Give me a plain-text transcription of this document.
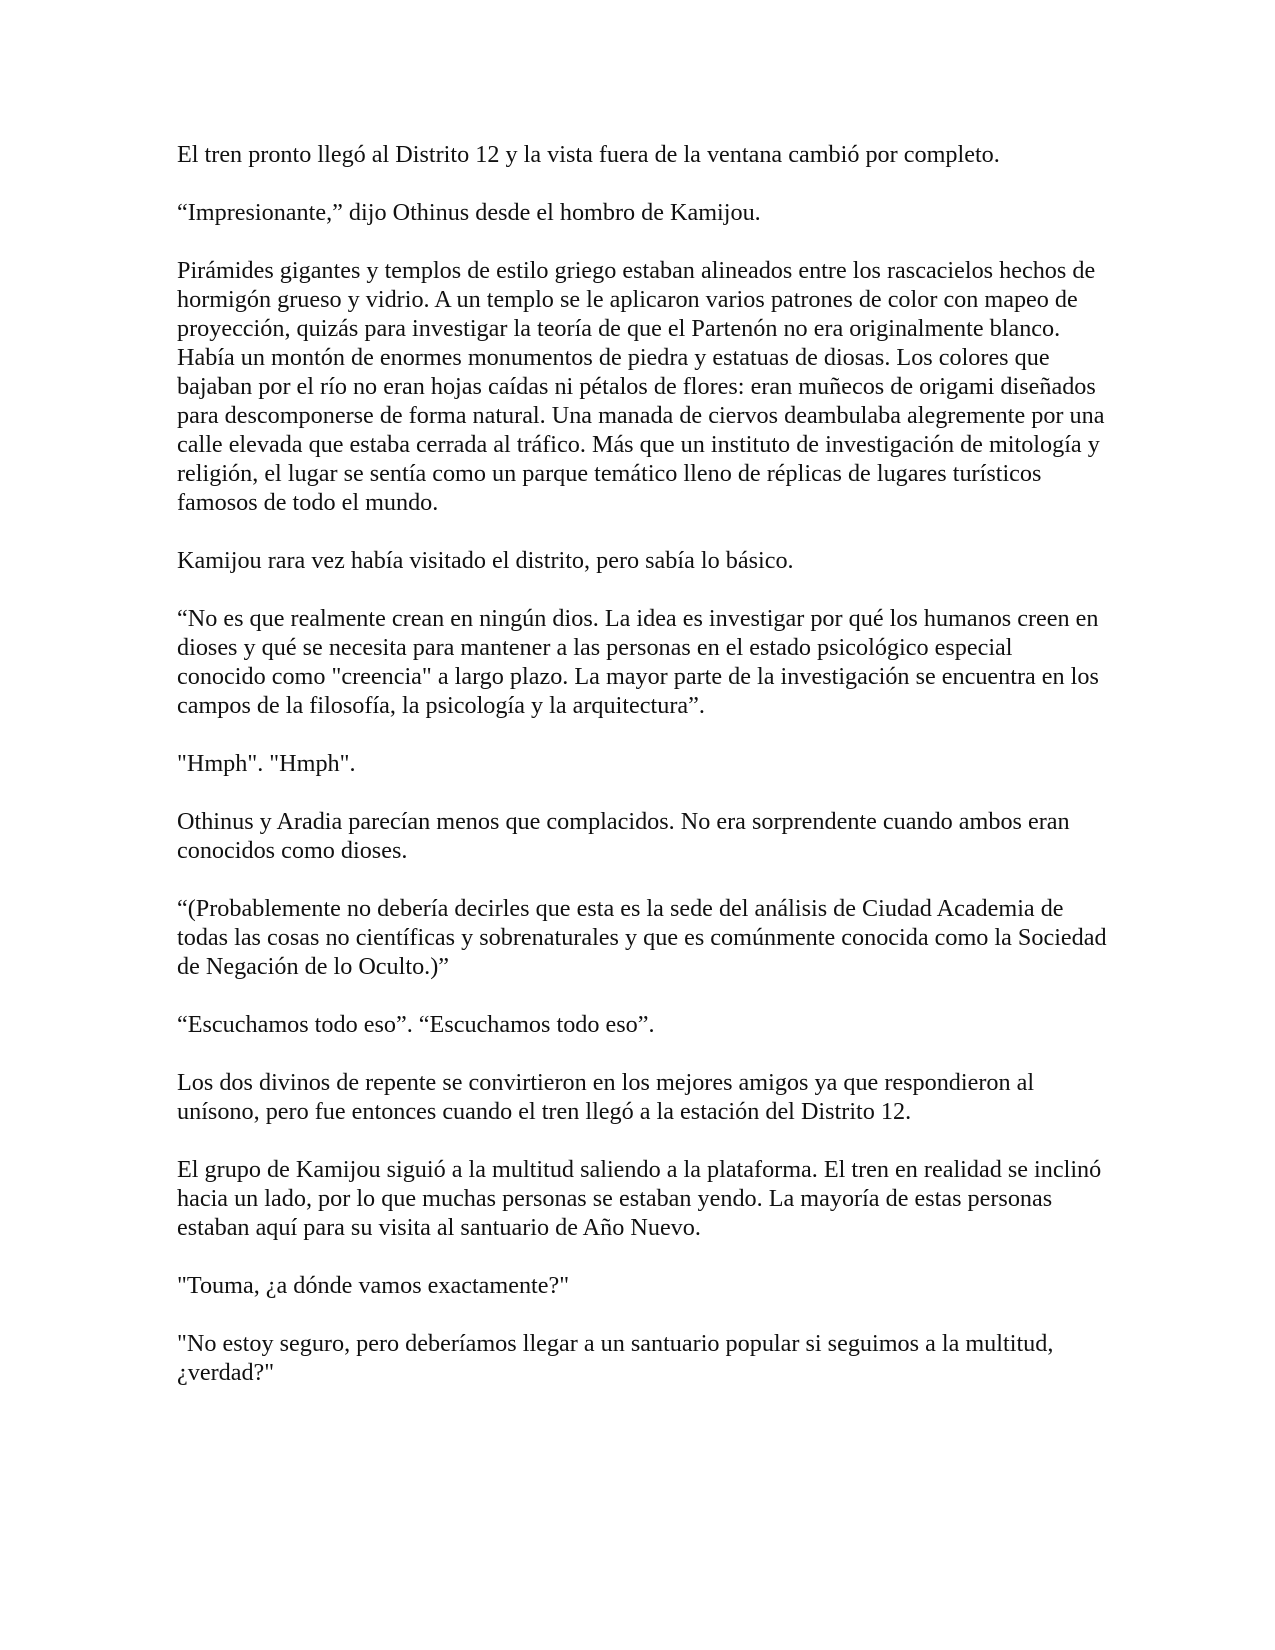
El tren pronto llegó al Distrito 12 y la vista fuera de la ventana cambió por completo.

“Impresionante,” dijo Othinus desde el hombro de Kamijou.

Pirámides gigantes y templos de estilo griego estaban alineados entre los rascacielos hechos de hormigón grueso y vidrio. A un templo se le aplicaron varios patrones de color con mapeo de proyección, quizás para investigar la teoría de que el Partenón no era originalmente blanco. Había un montón de enormes monumentos de piedra y estatuas de diosas. Los colores que bajaban por el río no eran hojas caídas ni pétalos de flores: eran muñecos de origami diseñados para descomponerse de forma natural. Una manada de ciervos deambulaba alegremente por una calle elevada que estaba cerrada al tráfico. Más que un instituto de investigación de mitología y religión, el lugar se sentía como un parque temático lleno de réplicas de lugares turísticos famosos de todo el mundo.

Kamijou rara vez había visitado el distrito, pero sabía lo básico.

“No es que realmente crean en ningún dios. La idea es investigar por qué los humanos creen en dioses y qué se necesita para mantener a las personas en el estado psicológico especial conocido como "creencia" a largo plazo. La mayor parte de la investigación se encuentra en los campos de la filosofía, la psicología y la arquitectura”.

"Hmph". "Hmph".

Othinus y Aradia parecían menos que complacidos. No era sorprendente cuando ambos eran conocidos como dioses.

“(Probablemente no debería decirles que esta es la sede del análisis de Ciudad Academia de todas las cosas no científicas y sobrenaturales y que es comúnmente conocida como la Sociedad de Negación de lo Oculto.)”

“Escuchamos todo eso”. “Escuchamos todo eso”.

Los dos divinos de repente se convirtieron en los mejores amigos ya que respondieron al unísono, pero fue entonces cuando el tren llegó a la estación del Distrito 12.

El grupo de Kamijou siguió a la multitud saliendo a la plataforma. El tren en realidad se inclinó hacia un lado, por lo que muchas personas se estaban yendo. La mayoría de estas personas estaban aquí para su visita al santuario de Año Nuevo.

"Touma, ¿a dónde vamos exactamente?"

"No estoy seguro, pero deberíamos llegar a un santuario popular si seguimos a la multitud, ¿verdad?"
